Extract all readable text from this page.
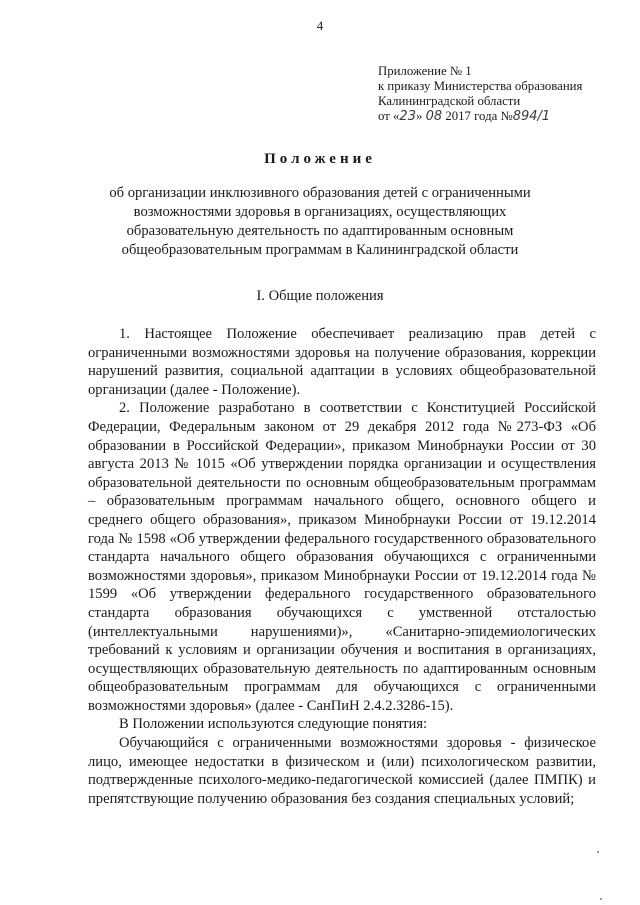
4
Приложение № 1
к приказу Министерства образования
Калининградской области
от «23» 08 2017 года №894/1
Положение
об организации инклюзивного образования детей с ограниченными
возможностями здоровья в организациях, осуществляющих
образовательную деятельность по адаптированным основным
общеобразовательным программам в Калининградской области
I. Общие положения

1. Настоящее Положение обеспечивает реализацию прав детей с ограниченными возможностями здоровья на получение образования, коррекции нарушений развития, социальной адаптации в условиях общеобразовательной организации (далее - Положение).

2. Положение разработано в соответствии с Конституцией Российской Федерации, Федеральным законом от 29 декабря 2012 года №273-ФЗ «Об образовании в Российской Федерации», приказом Минобрнауки России от 30 августа 2013 № 1015 «Об утверждении порядка организации и осуществления образовательной деятельности по основным общеобразовательным программам – образовательным программам начального общего, основного общего и среднего общего образования», приказом Минобрнауки России от 19.12.2014 года № 1598 «Об утверждении федерального государственного образовательного стандарта начального общего образования обучающихся с ограниченными возможностями здоровья», приказом Минобрнауки России от 19.12.2014 года № 1599 «Об утверждении федерального государственного образовательного стандарта образования обучающихся с умственной отсталостью (интеллектуальными нарушениями)», «Санитарно-эпидемиологических требований к условиям и организации обучения и воспитания в организациях, осуществляющих образовательную деятельность по адаптированным основным общеобразовательным программам для обучающихся с ограниченными возможностями здоровья» (далее - СанПиН 2.4.2.3286-15).

В Положении используются следующие понятия:

Обучающийся с ограниченными возможностями здоровья - физическое лицо, имеющее недостатки в физическом и (или) психологическом развитии, подтвержденные психолого-медико-педагогической комиссией (далее ПМПК) и препятствующие получению образования без создания специальных условий;
